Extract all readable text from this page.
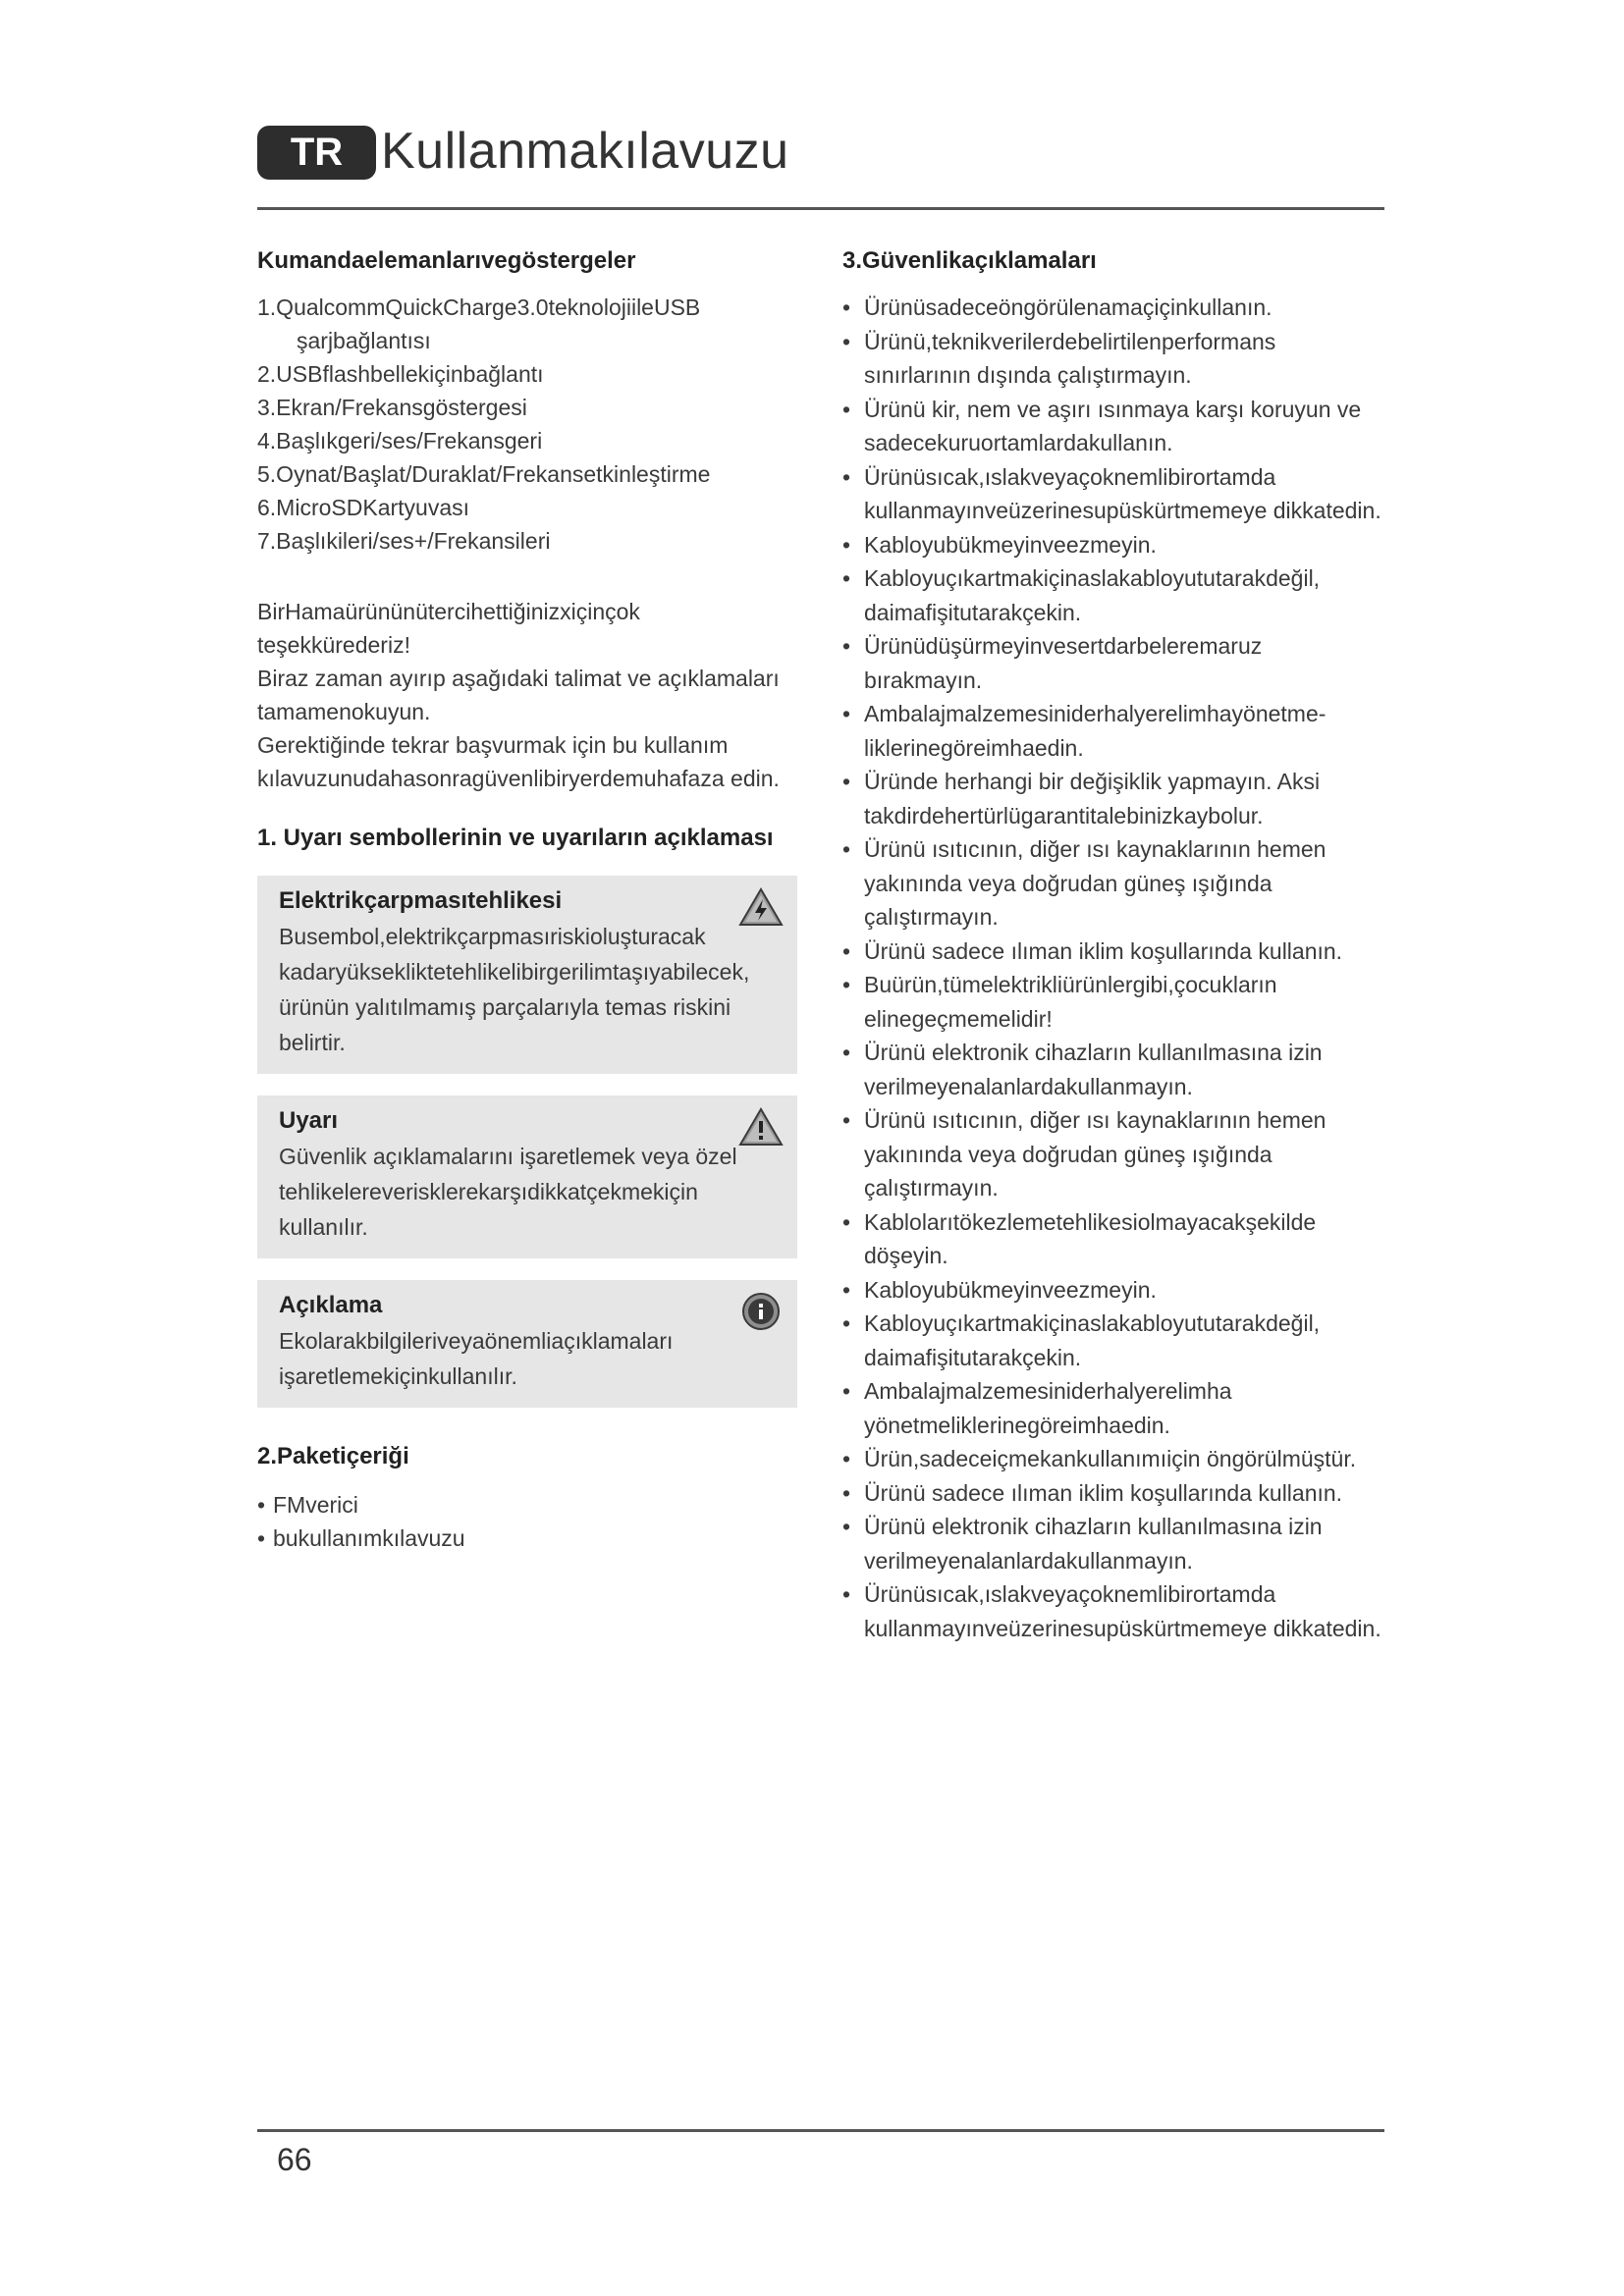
TR Kullanmakılavuzu
Kumandaelemanlarıvegöstergeler
1.QualcommQuickCharge3.0teknolojiileUSB şarjbağlantısı
2.USBflashbellekiçinbağlantı
3.Ekran/Frekansgöstergesi
4.Başlıkgeri/ses/Frekansgeri
5.Oynat/Başlat/Duraklat/Frekansetkinleştirme
6.MicroSDKartyuvası
7.Başlıkileri/ses+/Frekansileri

BirHamaürününütercihettiğinizxiçinçok teşekkürederiz!

Biraz zaman ayırıp aşağıdaki talimat ve açıklamaları tamamenokuyun.

Gerektiğinde tekrar başvurmak için bu kullanım kılavuzunudahasonragüvenlibiryerdemuhafaza edin.

1. Uyarı sembollerinin ve uyarıların açıklaması
Elektrikçarpmasıtehlikesi
Busembol,elektrikçarpmasıriskioluşturacak kadaryüksekliktetehlikelibirgerilimtaşıyabilecek, ürünün yalıtılmamış parçalarıyla temas riskini belirtir.
Uyarı
Güvenlik açıklamalarını işaretlemek veya özel tehlikelereverisklerekarşıdikkatçekmekiçin kullanılır.
Açıklama
Ekolarakbilgileriveyaönemliaçıklamaları işaretlemekiçinkullanılır.
2.Paketiçeriği
• FMverici
• bukullanımkılavuzu
3.Güvenlikaçıklamaları
• Ürünüsadeceöngörülenamaçiçinkullanın.
• Ürünü,teknikverilerdebelirtilenperformans sınırlarının dışında çalıştırmayın.
• Ürünü kir, nem ve aşırı ısınmaya karşı koruyun ve sadecekuruortamlardakullanın.
• Ürünüsıcak,ıslakveyaçoknemlibirortamda kullanmayınveüzerinesupüskürtmemeye dikkatedin.
• Kabloyubükmeyinveezmeyin.
• Kabloyuçıkartmakiçinaslakabloyututarakdeğil, daimafişitutarakçekin.
• Ürünüdüşürmeyinvesertdarbeleremaruz bırakmayın.
• Ambalajmalzemesiniderhalyerelimhayönetme- liklerinegöreimhaedin.
• Üründe herhangi bir değişiklik yapmayın. Aksi takdirdehertürlügarantitalebinizkaybolur.
• Ürünü ısıtıcının, diğer ısı kaynaklarının hemen yakınında veya doğrudan güneş ışığında çalıştırmayın.
• Ürünü sadece ılıman iklim koşullarında kullanın.
• Buürün,tümelektrikliürünlergibi,çocukların elinegeçmemelidir!
• Ürünü elektronik cihazların kullanılmasına izin verilmeyenalanlardakullanmayın.
• Ürünü ısıtıcının, diğer ısı kaynaklarının hemen yakınında veya doğrudan güneş ışığında çalıştırmayın.
• Kablolarıtökezlemetehlikesiolmayacakşekilde döşeyin.
• Kabloyubükmeyinveezmeyin.
• Kabloyuçıkartmakiçinaslakabloyututarakdeğil, daimafişitutarakçekin.
• Ambalajmalzemesiniderhalyerelimha yönetmeliklerinegöreimhaedin.
• Ürün,sadeceiçmekankullanımıiçin öngörülmüştür.
• Ürünü sadece ılıman iklim koşullarında kullanın.
• Ürünü elektronik cihazların kullanılmasına izin verilmeyenalanlardakullanmayın.
• Ürünüsıcak,ıslakveyaçoknemlibirortamda kullanmayınveüzerinesupüskürtmemeye dikkatedin.
66
